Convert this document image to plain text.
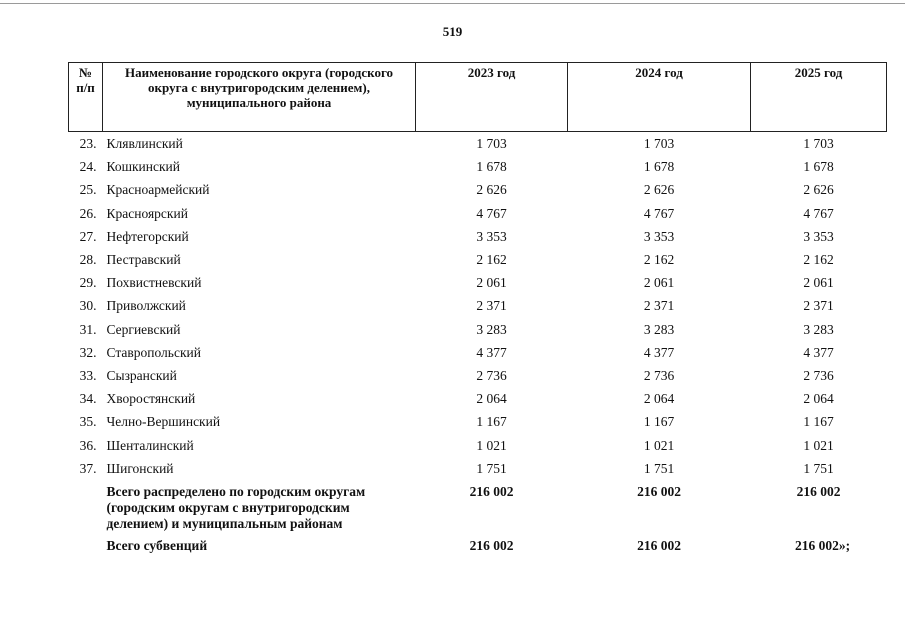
519
№ п/п	Наименование городского округа (городского округа с внутригородским делением), муниципального района	2023 год	2024 год	2025 год
23.	Клявлинский	1 703	1 703	1 703
24.	Кошкинский	1 678	1 678	1 678
25.	Красноармейский	2 626	2 626	2 626
26.	Красноярский	4 767	4 767	4 767
27.	Нефтегорский	3 353	3 353	3 353
28.	Пестравский	2 162	2 162	2 162
29.	Похвистневский	2 061	2 061	2 061
30.	Приволжский	2 371	2 371	2 371
31.	Сергиевский	3 283	3 283	3 283
32.	Ставропольский	4 377	4 377	4 377
33.	Сызранский	2 736	2 736	2 736
34.	Хворостянский	2 064	2 064	2 064
35.	Челно-Вершинский	1 167	1 167	1 167
36.	Шенталинский	1 021	1 021	1 021
37.	Шигонский	1 751	1 751	1 751
	Всего распределено по городским округам (городским округам с внутригородским делением) и муниципальным районам	216 002	216 002	216 002
	Всего субвенций	216 002	216 002	216 002»;
